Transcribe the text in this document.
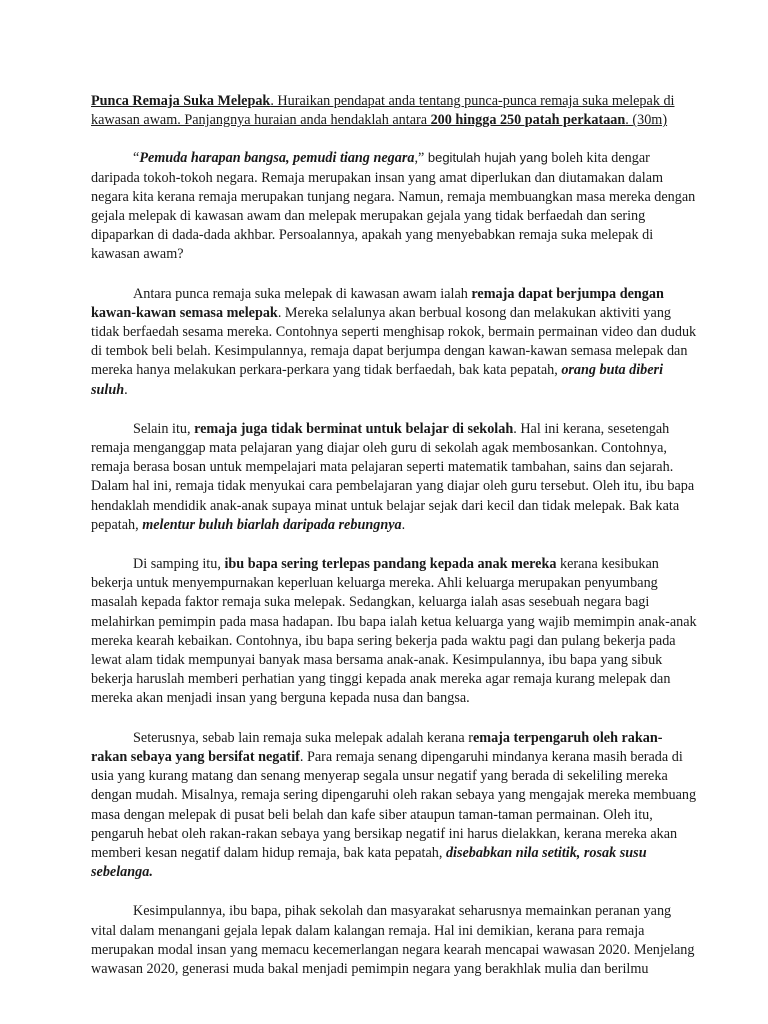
Punca Remaja Suka Melepak. Huraikan pendapat anda tentang punca-punca remaja suka melepak di kawasan awam. Panjangnya huraian anda hendaklah antara 200 hingga 250 patah perkataan. (30m)

“Pemuda harapan bangsa, pemudi tiang negara,” begitulah hujah yang boleh kita dengar daripada tokoh-tokoh negara. Remaja merupakan insan yang amat diperlukan dan diutamakan dalam negara kita kerana remaja merupakan tunjang negara. Namun, remaja membuangkan masa mereka dengan gejala melepak di kawasan awam dan melepak merupakan gejala yang tidak berfaedah dan sering dipaparkan di dada-dada akhbar. Persoalannya, apakah yang menyebabkan remaja suka melepak di kawasan awam?

Antara punca remaja suka melepak di kawasan awam ialah remaja dapat berjumpa dengan kawan-kawan semasa melepak. Mereka selalunya akan berbual kosong dan melakukan aktiviti yang tidak berfaedah sesama mereka. Contohnya seperti menghisap rokok, bermain permainan video dan duduk di tembok beli belah. Kesimpulannya, remaja dapat berjumpa dengan kawan-kawan semasa melepak dan mereka hanya melakukan perkara-perkara yang tidak berfaedah, bak kata pepatah, orang buta diberi suluh.

Selain itu, remaja juga tidak berminat untuk belajar di sekolah. Hal ini kerana, sesetengah remaja menganggap mata pelajaran yang diajar oleh guru di sekolah agak membosankan. Contohnya, remaja berasa bosan untuk mempelajari mata pelajaran seperti matematik tambahan, sains dan sejarah. Dalam hal ini, remaja tidak menyukai cara pembelajaran yang diajar oleh guru tersebut. Oleh itu, ibu bapa hendaklah mendidik anak-anak supaya minat untuk belajar sejak dari kecil dan tidak melepak. Bak kata pepatah, melentur buluh biarlah daripada rebungnya.

Di samping itu, ibu bapa sering terlepas pandang kepada anak mereka kerana kesibukan bekerja untuk menyempurnakan keperluan keluarga mereka. Ahli keluarga merupakan penyumbang masalah kepada faktor remaja suka melepak. Sedangkan, keluarga ialah asas sesebuah negara bagi melahirkan pemimpin pada masa hadapan. Ibu bapa ialah ketua keluarga yang wajib memimpin anak-anak mereka kearah kebaikan. Contohnya, ibu bapa sering bekerja pada waktu pagi dan pulang bekerja pada lewat alam tidak mempunyai banyak masa bersama anak-anak. Kesimpulannya, ibu bapa yang sibuk bekerja haruslah memberi perhatian yang tinggi kepada anak mereka agar remaja kurang melepak dan mereka akan menjadi insan yang berguna kepada nusa dan bangsa.

Seterusnya, sebab lain remaja suka melepak adalah kerana remaja terpengaruh oleh rakan-rakan sebaya yang bersifat negatif. Para remaja senang dipengaruhi mindanya kerana masih berada di usia yang kurang matang dan senang menyerap segala unsur negatif yang berada di sekeliling mereka dengan mudah. Misalnya, remaja sering dipengaruhi oleh rakan sebaya yang mengajak mereka membuang masa dengan melepak di pusat beli belah dan kafe siber ataupun taman-taman permainan. Oleh itu, pengaruh hebat oleh rakan-rakan sebaya yang bersikap negatif ini harus dielakkan, kerana mereka akan memberi kesan negatif dalam hidup remaja, bak kata pepatah, disebabkan nila setitik, rosak susu sebelanga.

Kesimpulannya, ibu bapa, pihak sekolah dan masyarakat seharusnya memainkan peranan yang vital dalam menangani gejala lepak dalam kalangan remaja. Hal ini demikian, kerana para remaja merupakan modal insan yang memacu kecemerlangan negara kearah mencapai wawasan 2020. Menjelang wawasan 2020, generasi muda bakal menjadi pemimpin negara yang berakhlak mulia dan berilmu
